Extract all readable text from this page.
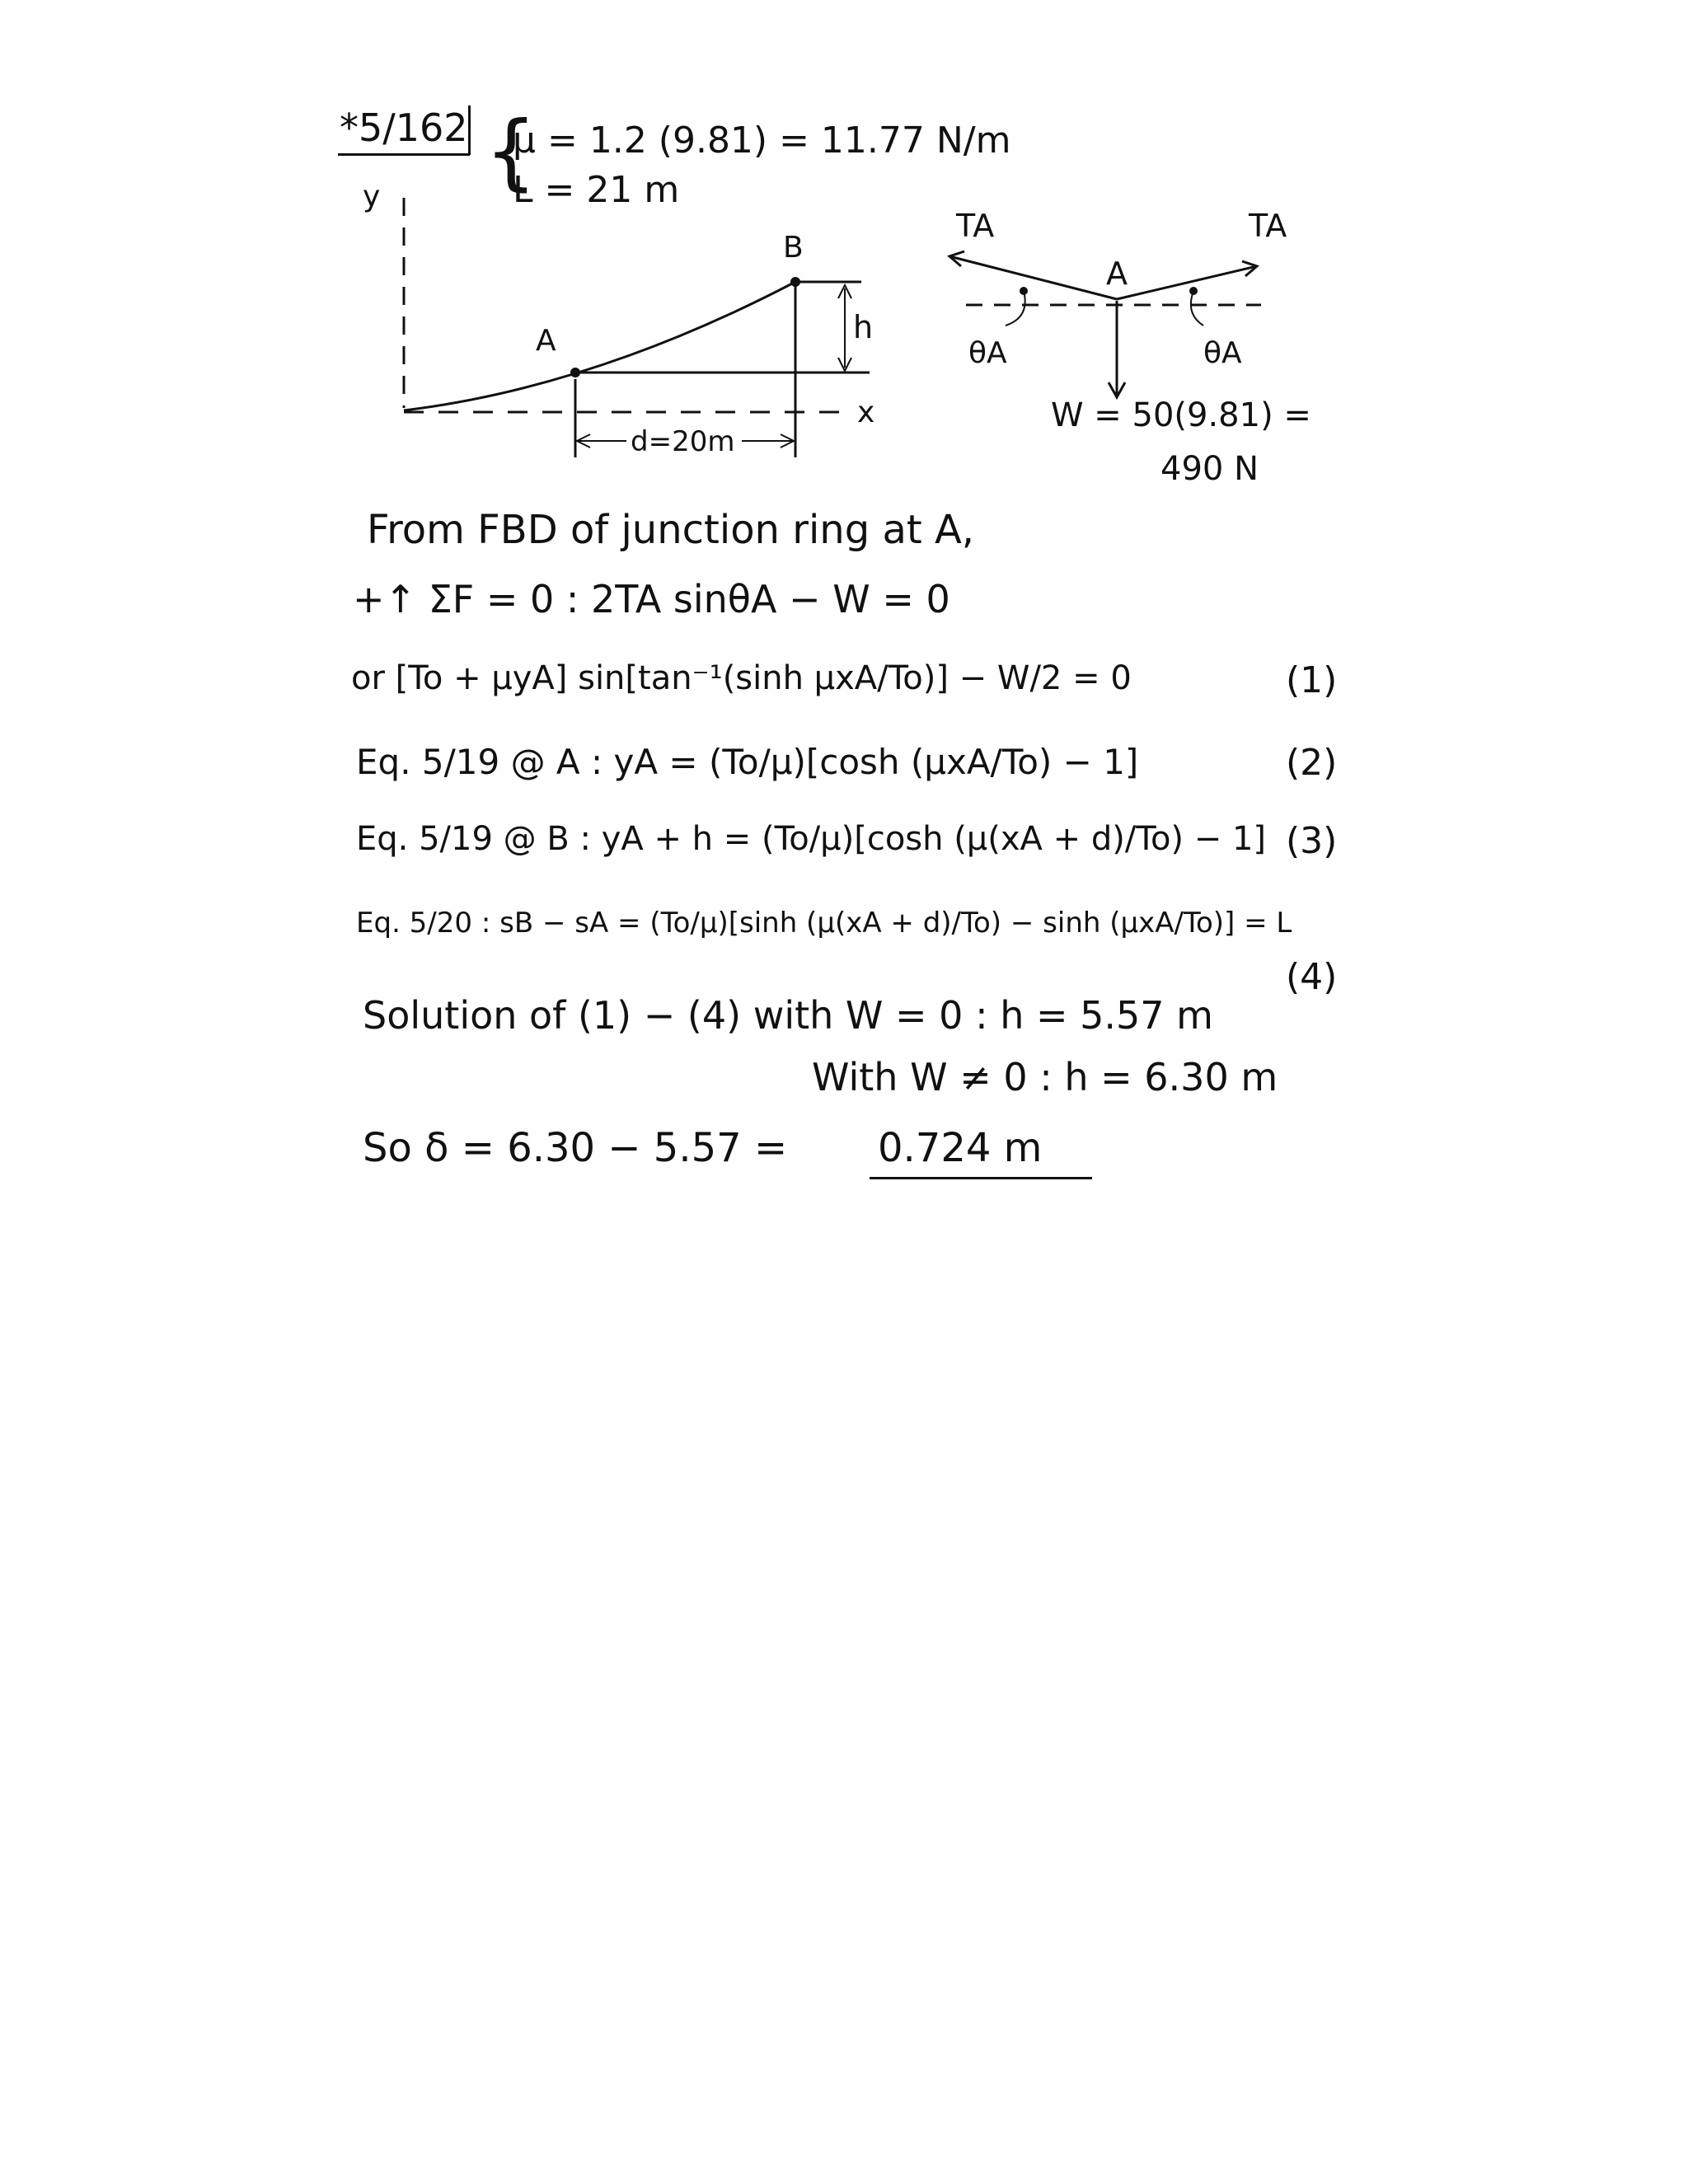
*5/162 {
μ = 1.2 (9.81) = 11.77 N/m
L = 21 m
y
x
A
B
h
d=20m
TA	TA
A
θA	θA
W = 50(9.81) =
490 N
From FBD of junction ring at A,
+↑ ΣF = 0 : 2TA sinθA − W = 0
or [To + μyA] sin[tan⁻¹(sinh μxA/To)] − W/2 = 0	(1)
Eq. 5/19 @ A : yA = (To/μ)[cosh (μxA/To) − 1]	(2)
Eq. 5/19 @ B : yA + h = (To/μ)[cosh (μ(xA + d)/To) − 1] (3)
Eq. 5/20 : sB − sA = (To/μ)[sinh (μ(xA + d)/To) − sinh (μxA/To)] = L
(4)
Solution of (1) − (4) with W = 0 : h = 5.57 m
With W ≠ 0 : h = 6.30 m
So δ = 6.30 − 5.57 = 0.724 m
